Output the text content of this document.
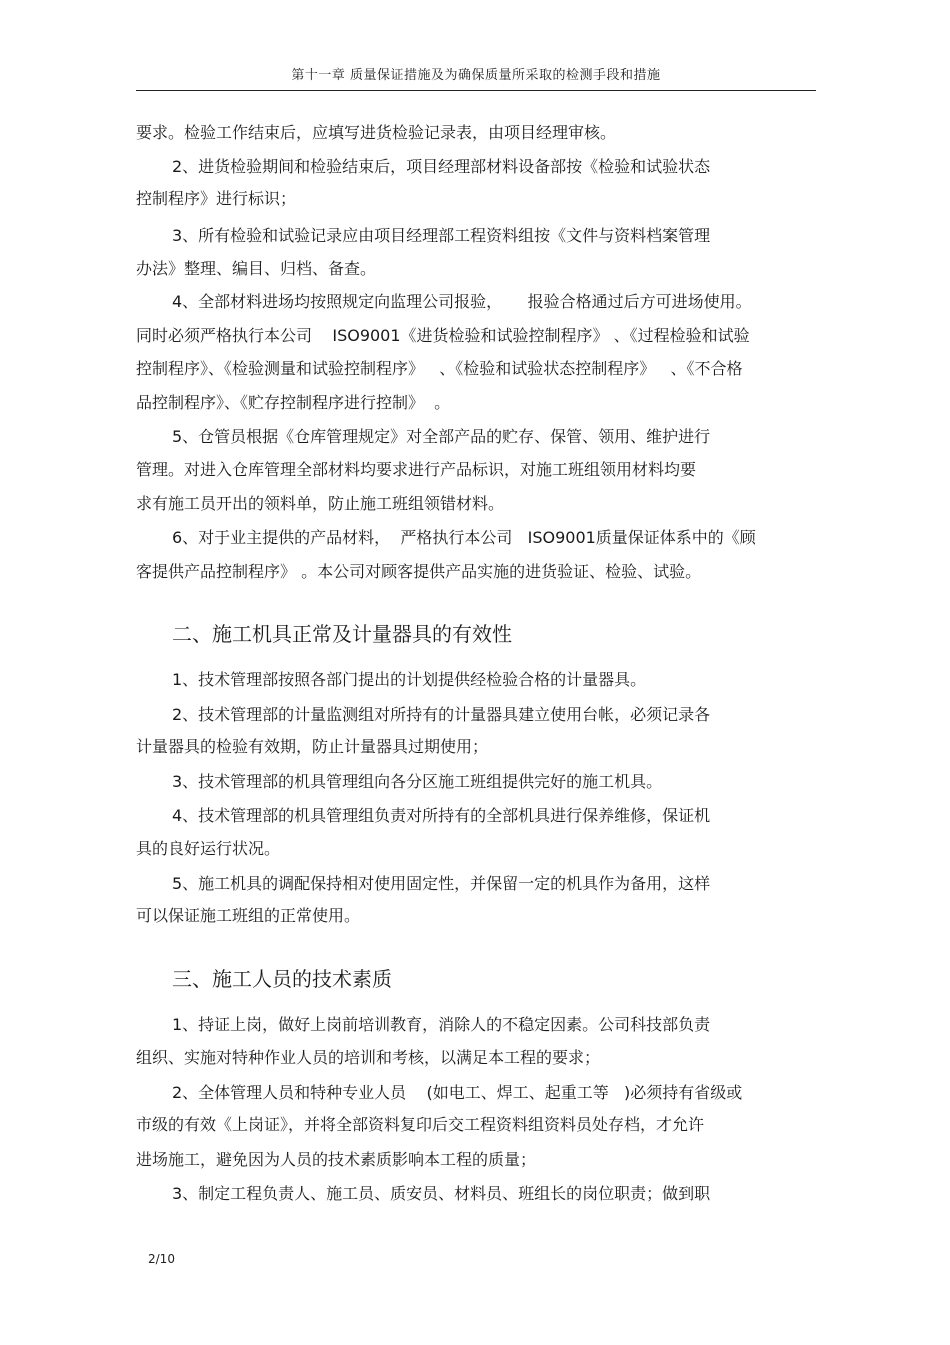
第十一章 质量保证措施及为确保质量所采取的检测手段和措施
要求。检验工作结束后，应填写进货检验记录表，由项目经理审核。
2、进货检验期间和检验结束后，项目经理部材料设备部按《检验和试验状态
控制程序》进行标识；
3、所有检验和试验记录应由项目经理部工程资料组按《文件与资料档案管理
办法》整理、编目、归档、备查。
4、全部材料进场均按照规定向监理公司报验，     报验合格通过后方可进场使用。
同时必须严格执行本公司    ISO9001《进货检验和试验控制程序》 、《过程检验和试验
控制程序》、《检验测量和试验控制程序》   、《检验和试验状态控制程序》   、《不合格
品控制程序》、《贮存控制程序进行控制》  。
5、仓管员根据《仓库管理规定》对全部产品的贮存、保管、领用、维护进行
管理。对进入仓库管理全部材料均要求进行产品标识，对施工班组领用材料均要
求有施工员开出的领料单，防止施工班组领错材料。
6、对于业主提供的产品材料，  严格执行本公司   ISO9001质量保证体系中的《顾
客提供产品控制程序》 。本公司对顾客提供产品实施的进货验证、检验、试验。
二、施工机具正常及计量器具的有效性
1、技术管理部按照各部门提出的计划提供经检验合格的计量器具。
2、技术管理部的计量监测组对所持有的计量器具建立使用台帐，必须记录各
计量器具的检验有效期，防止计量器具过期使用；
3、技术管理部的机具管理组向各分区施工班组提供完好的施工机具。
4、技术管理部的机具管理组负责对所持有的全部机具进行保养维修，保证机
具的良好运行状况。
5、施工机具的调配保持相对使用固定性，并保留一定的机具作为备用，这样
可以保证施工班组的正常使用。
三、施工人员的技术素质
1、持证上岗，做好上岗前培训教育，消除人的不稳定因素。公司科技部负责
组织、实施对特种作业人员的培训和考核，以满足本工程的要求；
2、全体管理人员和特种专业人员    (如电工、焊工、起重工等   )必须持有省级或
市级的有效《上岗证》，并将全部资料复印后交工程资料组资料员处存档，才允许
进场施工，避免因为人员的技术素质影响本工程的质量；
3、制定工程负责人、施工员、质安员、材料员、班组长的岗位职责；做到职
2/10
